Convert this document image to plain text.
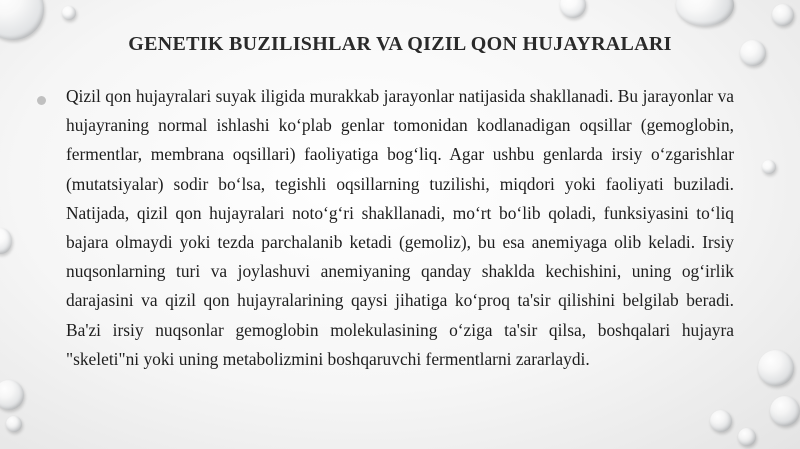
GENETIK BUZILISHLAR VA QIZIL QON HUJAYRALARI

Qizil qon hujayralari suyak iligida murakkab jarayonlar natijasida shakllanadi. Bu jarayonlar va hujayraning normal ishlashi ko‘plab genlar tomonidan kodlanadigan oqsillar (gemoglobin, fermentlar, membrana oqsillari) faoliyatiga bog‘liq. Agar ushbu genlarda irsiy o‘zgarishlar (mutatsiyalar) sodir bo‘lsa, tegishli oqsillarning tuzilishi, miqdori yoki faoliyati buziladi. Natijada, qizil qon hujayralari noto‘g‘ri shakllanadi, mo‘rt bo‘lib qoladi, funksiyasini to‘liq bajara olmaydi yoki tezda parchalanib ketadi (gemoliz), bu esa anemiyaga olib keladi. Irsiy nuqsonlarning turi va joylashuvi anemiyaning qanday shaklda kechishini, uning og‘irlik darajasini va qizil qon hujayralarining qaysi jihatiga ko‘proq ta'sir qilishini belgilab beradi. Ba'zi irsiy nuqsonlar gemoglobin molekulasining o‘ziga ta'sir qilsa, boshqalari hujayra "skeleti"ni yoki uning metabolizmini boshqaruvchi fermentlarni zararlaydi.
